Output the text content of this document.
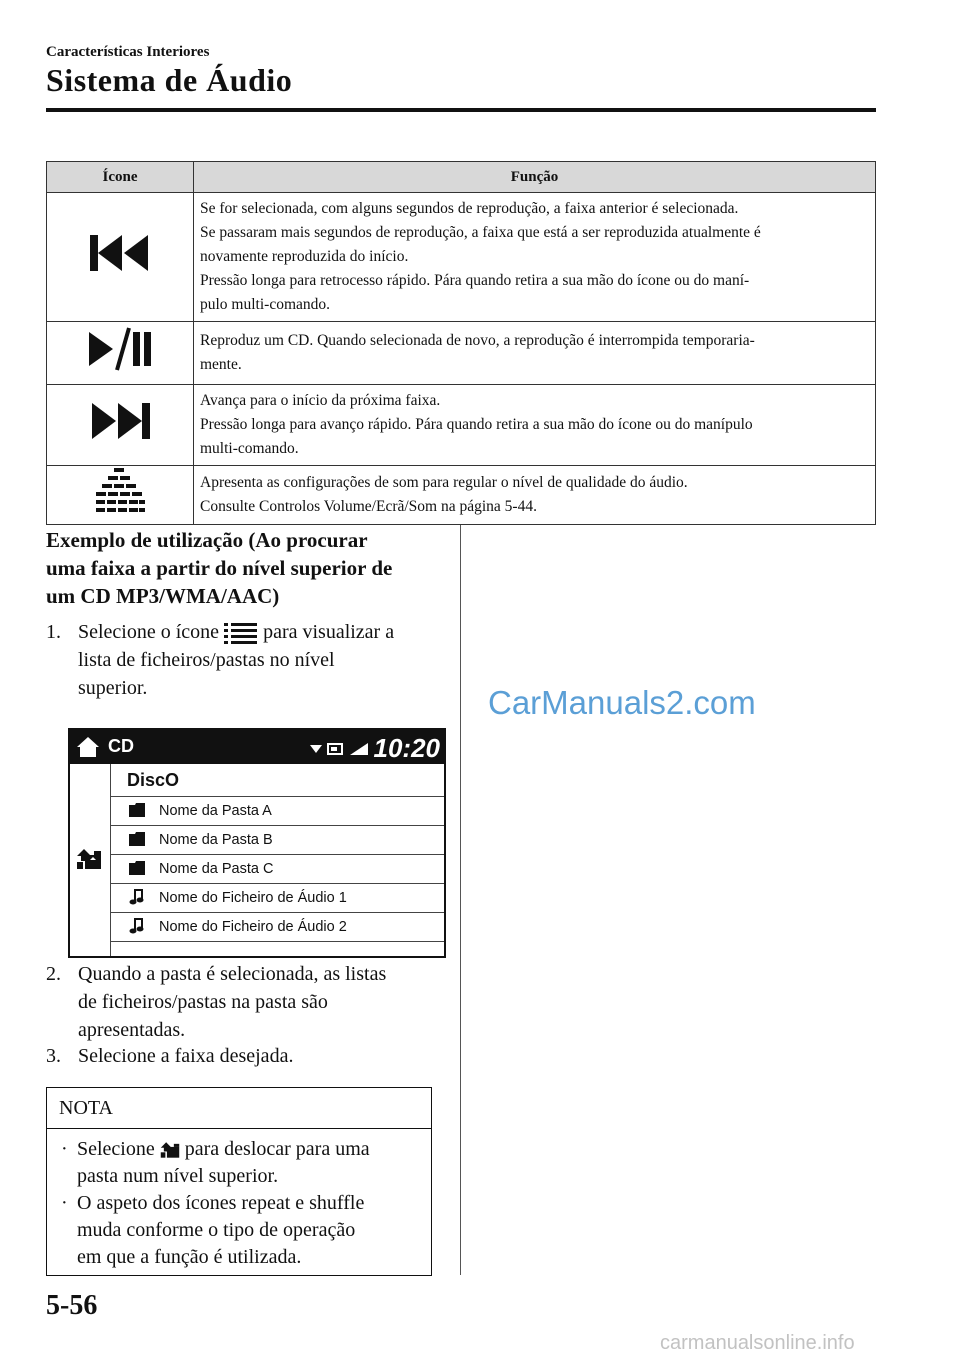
Características Interiores
Sistema de Áudio
Ícone	Função

Se for selecionada, com alguns segundos de reprodução, a faixa anterior é selecionada.
Se passaram mais segundos de reprodução, a faixa que está a ser reproduzida atualmente é
novamente reproduzida do início.
Pressão longa para retrocesso rápido. Pára quando retira a sua mão do ícone ou do maní-
pulo multi-comando.

Reproduz um CD. Quando selecionada de novo, a reprodução é interrompida temporaria-
mente.

Avança para o início da próxima faixa.
Pressão longa para avanço rápido. Pára quando retira a sua mão do ícone ou do manípulo
multi-comando.

Apresenta as configurações de som para regular o nível de qualidade do áudio.
Consulte Controlos Volume/Ecrã/Som na página 5-44.
Exemplo de utilização (Ao procurar
uma faixa a partir do nível superior de
um CD MP3/WMA/AAC)
1. Selecione o ícone para visualizar a
lista de ficheiros/pastas no nível
superior.
CD	10:20
DiscO
Nome da Pasta A
Nome da Pasta B
Nome da Pasta C
Nome do Ficheiro de Áudio 1
Nome do Ficheiro de Áudio 2
2. Quando a pasta é selecionada, as listas
de ficheiros/pastas na pasta são
apresentadas.
3. Selecione a faixa desejada.
NOTA
· Selecione para deslocar para uma
pasta num nível superior.
· O aspeto dos ícones repeat e shuffle
muda conforme o tipo de operação
em que a função é utilizada.
CarManuals2.com
5-56
carmanualsonline.info
